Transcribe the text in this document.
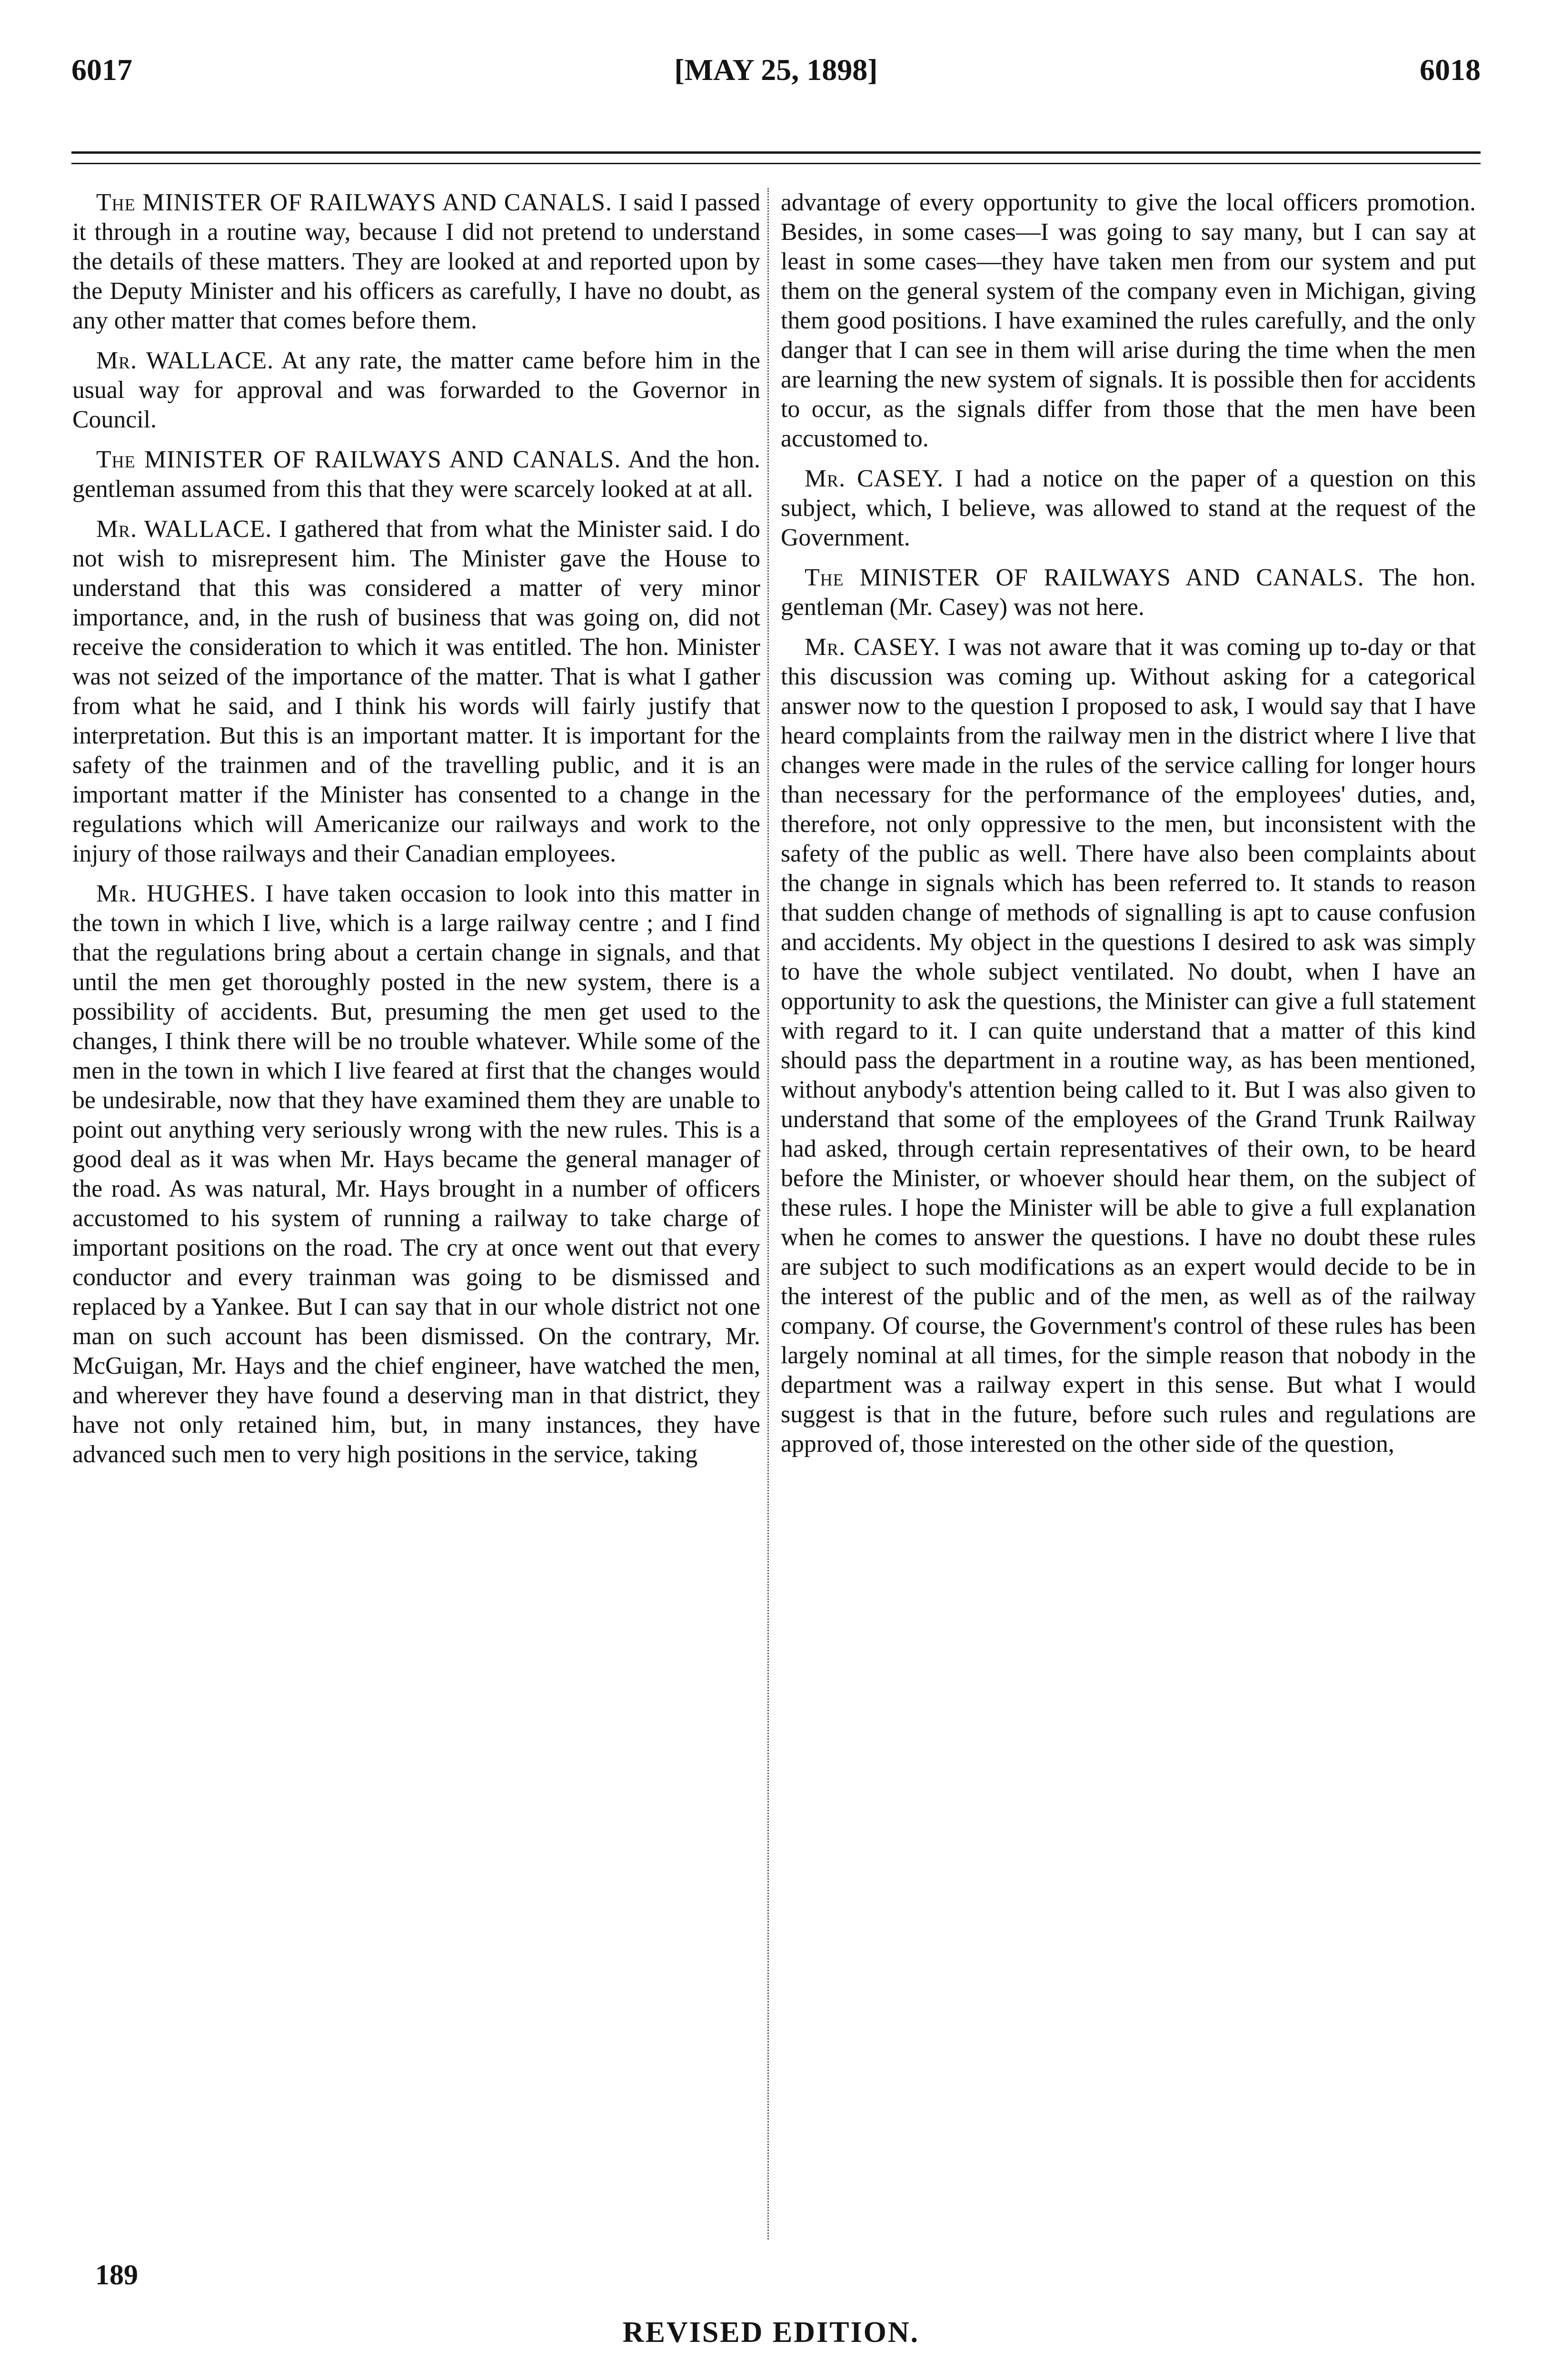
6017	[MAY 25, 1898]	6018

The MINISTER OF RAILWAYS AND CANALS. I said I passed it through in a routine way, because I did not pretend to understand the details of these matters. They are looked at and reported upon by the Deputy Minister and his officers as carefully, I have no doubt, as any other matter that comes before them.

Mr. WALLACE. At any rate, the matter came before him in the usual way for approval and was forwarded to the Governor in Council.

The MINISTER OF RAILWAYS AND CANALS. And the hon. gentleman assumed from this that they were scarcely looked at at all.

Mr. WALLACE. I gathered that from what the Minister said. I do not wish to misrepresent him. The Minister gave the House to understand that this was considered a matter of very minor importance, and, in the rush of business that was going on, did not receive the consideration to which it was entitled. The hon. Minister was not seized of the importance of the matter. That is what I gather from what he said, and I think his words will fairly justify that interpretation. But this is an important matter. It is important for the safety of the trainmen and of the travelling public, and it is an important matter if the Minister has consented to a change in the regulations which will Americanize our railways and work to the injury of those railways and their Canadian employees.

Mr. HUGHES. I have taken occasion to look into this matter in the town in which I live, which is a large railway centre ; and I find that the regulations bring about a certain change in signals, and that until the men get thoroughly posted in the new system, there is a possibility of accidents. But, presuming the men get used to the changes, I think there will be no trouble whatever. While some of the men in the town in which I live feared at first that the changes would be undesirable, now that they have examined them they are unable to point out anything very seriously wrong with the new rules. This is a good deal as it was when Mr. Hays became the general manager of the road. As was natural, Mr. Hays brought in a number of officers accustomed to his system of running a railway to take charge of important positions on the road. The cry at once went out that every conductor and every trainman was going to be dismissed and replaced by a Yankee. But I can say that in our whole district not one man on such account has been dismissed. On the contrary, Mr. McGuigan, Mr. Hays and the chief engineer, have watched the men, and wherever they have found a deserving man in that district, they have not only retained him, but, in many instances, they have advanced such men to very high positions in the service, taking

advantage of every opportunity to give the local officers promotion. Besides, in some cases—I was going to say many, but I can say at least in some cases—they have taken men from our system and put them on the general system of the company even in Michigan, giving them good positions. I have examined the rules carefully, and the only danger that I can see in them will arise during the time when the men are learning the new system of signals. It is possible then for accidents to occur, as the signals differ from those that the men have been accustomed to.

Mr. CASEY. I had a notice on the paper of a question on this subject, which, I believe, was allowed to stand at the request of the Government.

The MINISTER OF RAILWAYS AND CANALS. The hon. gentleman (Mr. Casey) was not here.

Mr. CASEY. I was not aware that it was coming up to-day or that this discussion was coming up. Without asking for a categorical answer now to the question I proposed to ask, I would say that I have heard complaints from the railway men in the district where I live that changes were made in the rules of the service calling for longer hours than necessary for the performance of the employees' duties, and, therefore, not only oppressive to the men, but inconsistent with the safety of the public as well. There have also been complaints about the change in signals which has been referred to. It stands to reason that sudden change of methods of signalling is apt to cause confusion and accidents. My object in the questions I desired to ask was simply to have the whole subject ventilated. No doubt, when I have an opportunity to ask the questions, the Minister can give a full statement with regard to it. I can quite understand that a matter of this kind should pass the department in a routine way, as has been mentioned, without anybody's attention being called to it. But I was also given to understand that some of the employees of the Grand Trunk Railway had asked, through certain representatives of their own, to be heard before the Minister, or whoever should hear them, on the subject of these rules. I hope the Minister will be able to give a full explanation when he comes to answer the questions. I have no doubt these rules are subject to such modifications as an expert would decide to be in the interest of the public and of the men, as well as of the railway company. Of course, the Government's control of these rules has been largely nominal at all times, for the simple reason that nobody in the department was a railway expert in this sense. But what I would suggest is that in the future, before such rules and regulations are approved of, those interested on the other side of the question,

189
REVISED EDITION.
